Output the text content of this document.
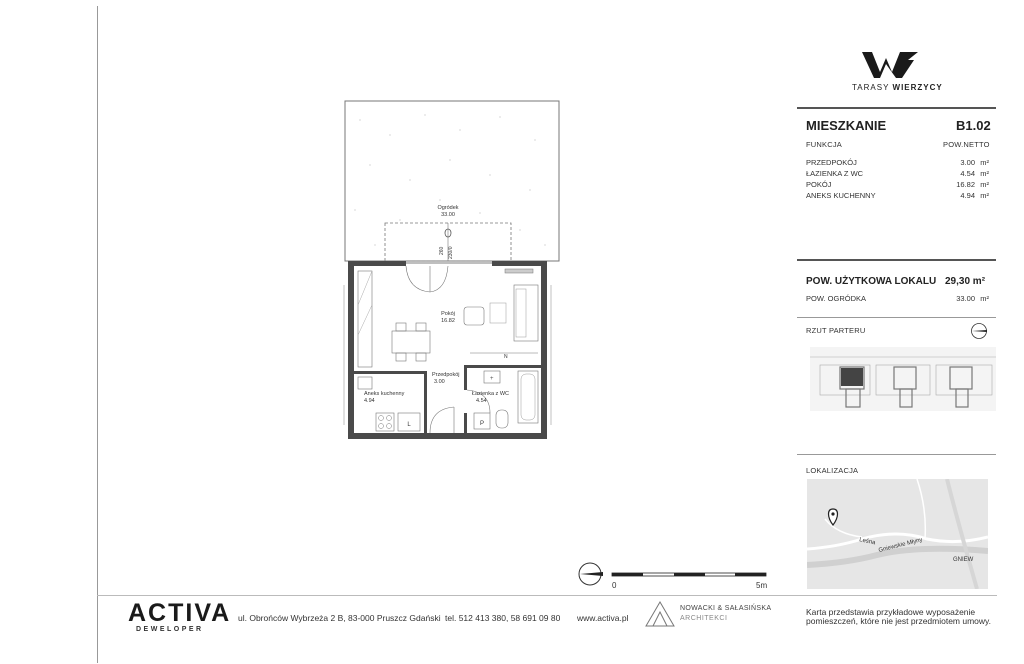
260 230/0
Ogródek
33.00
Pokój
16.82
N
Przedpokój
3.00
L
Aneks kuchenny
4.94
+
P
Łazienka z WC
4.54
0	5m
TARASY WIERZYCY
MIESZKANIE	B1.02
FUNKCJA	POW.NETTO
PRZEDPOKÓJ	3.00 m²
ŁAZIENKA Z WC	4.54 m²
POKÓJ	16.82 m²
ANEKS KUCHENNY	4.94 m²
POW. UŻYTKOWA LOKALU 29,30 m²
POW. OGRÓDKA	33.00 m²
RZUT PARTERU
LOKALIZACJA
Leśna Gniewskie Młyny
GNIEW
ACTIVA
DEWELOPER
ul. Obrońców Wybrzeża 2 B, 83-000 Pruszcz Gdański tel. 512 413 380, 58 691 09 80 www.activa.pl
NOWACKI & SAŁASIŃSKA
ARCHITEKCI
Karta przedstawia przykładowe wyposażenie
pomieszczeń, które nie jest przedmiotem umowy.
